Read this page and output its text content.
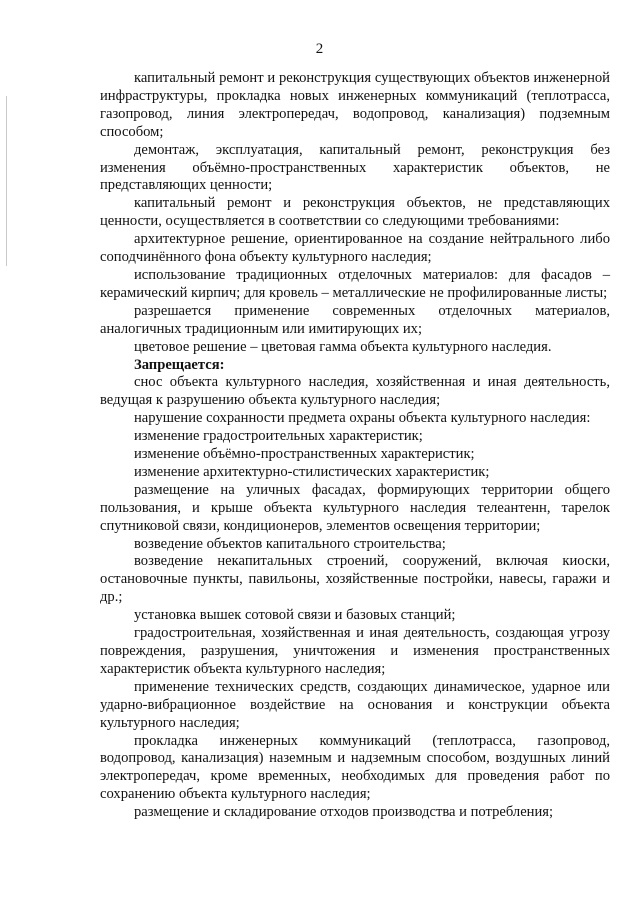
2

капитальный ремонт и реконструкция существующих объектов инженерной инфраструктуры, прокладка новых инженерных коммуникаций (теплотрасса, газопровод, линия электропередач, водопровод, канализация) подземным способом;

демонтаж, эксплуатация, капитальный ремонт, реконструкция без изменения объёмно-пространственных характеристик объектов, не представляющих ценности;

капитальный ремонт и реконструкция объектов, не представляющих ценности, осуществляется в соответствии со следующими требованиями:

архитектурное решение, ориентированное на создание нейтрального либо соподчинённого фона объекту культурного наследия;

использование традиционных отделочных материалов: для фасадов – керамический кирпич; для кровель – металлические не профилированные листы;

разрешается применение современных отделочных материалов, аналогичных традиционным или имитирующих их;

цветовое решение – цветовая гамма объекта культурного наследия.

Запрещается:

снос объекта культурного наследия, хозяйственная и иная деятельность, ведущая к разрушению объекта культурного наследия;

нарушение сохранности предмета охраны объекта культурного наследия:

изменение градостроительных характеристик;

изменение объёмно-пространственных характеристик;

изменение архитектурно-стилистических характеристик;

размещение на уличных фасадах, формирующих территории общего пользования, и крыше объекта культурного наследия телеантенн, тарелок спутниковой связи, кондиционеров, элементов освещения территории;

возведение объектов капитального строительства;

возведение некапитальных строений, сооружений, включая киоски, остановочные пункты, павильоны, хозяйственные постройки, навесы, гаражи и др.;

установка вышек сотовой связи и базовых станций;

градостроительная, хозяйственная и иная деятельность, создающая угрозу повреждения, разрушения, уничтожения и изменения пространственных характеристик объекта культурного наследия;

применение технических средств, создающих динамическое, ударное или ударно-вибрационное воздействие на основания и конструкции объекта культурного наследия;

прокладка инженерных коммуникаций (теплотрасса, газопровод, водопровод, канализация) наземным и надземным способом, воздушных линий электропередач, кроме временных, необходимых для проведения работ по сохранению объекта культурного наследия;

размещение и складирование отходов производства и потребления;
